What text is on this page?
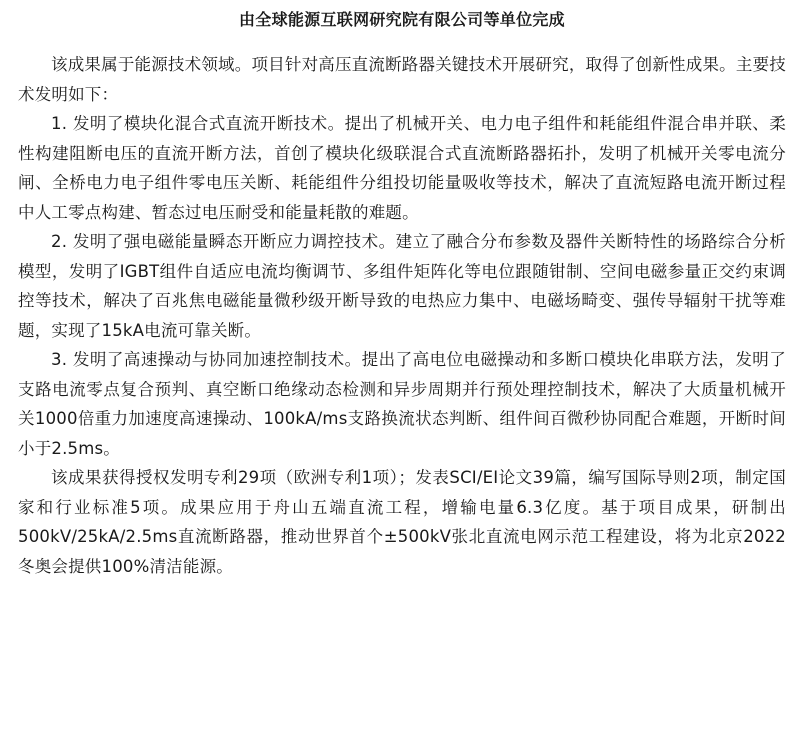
由全球能源互联网研究院有限公司等单位完成

该成果属于能源技术领域。项目针对高压直流断路器关键技术开展研究，取得了创新性成果。主要技术发明如下：

1. 发明了模块化混合式直流开断技术。提出了机械开关、电力电子组件和耗能组件混合串并联、柔性构建阻断电压的直流开断方法，首创了模块化级联混合式直流断路器拓扑，发明了机械开关零电流分闸、全桥电力电子组件零电压关断、耗能组件分组投切能量吸收等技术，解决了直流短路电流开断过程中人工零点构建、暂态过电压耐受和能量耗散的难题。

2. 发明了强电磁能量瞬态开断应力调控技术。建立了融合分布参数及器件关断特性的场路综合分析模型，发明了IGBT组件自适应电流均衡调节、多组件矩阵化等电位跟随钳制、空间电磁参量正交约束调控等技术，解决了百兆焦电磁能量微秒级开断导致的电热应力集中、电磁场畸变、强传导辐射干扰等难题，实现了15kA电流可靠关断。

3. 发明了高速操动与协同加速控制技术。提出了高电位电磁操动和多断口模块化串联方法，发明了支路电流零点复合预判、真空断口绝缘动态检测和异步周期并行预处理控制技术，解决了大质量机械开关1000倍重力加速度高速操动、100kA/ms支路换流状态判断、组件间百微秒协同配合难题，开断时间小于2.5ms。

该成果获得授权发明专利29项（欧洲专利1项）；发表SCI/EI论文39篇，编写国际导则2项，制定国家和行业标准5项。成果应用于舟山五端直流工程，增输电量6.3亿度。基于项目成果，研制出500kV/25kA/2.5ms直流断路器，推动世界首个±500kV张北直流电网示范工程建设，将为北京2022冬奥会提供100%清洁能源。
